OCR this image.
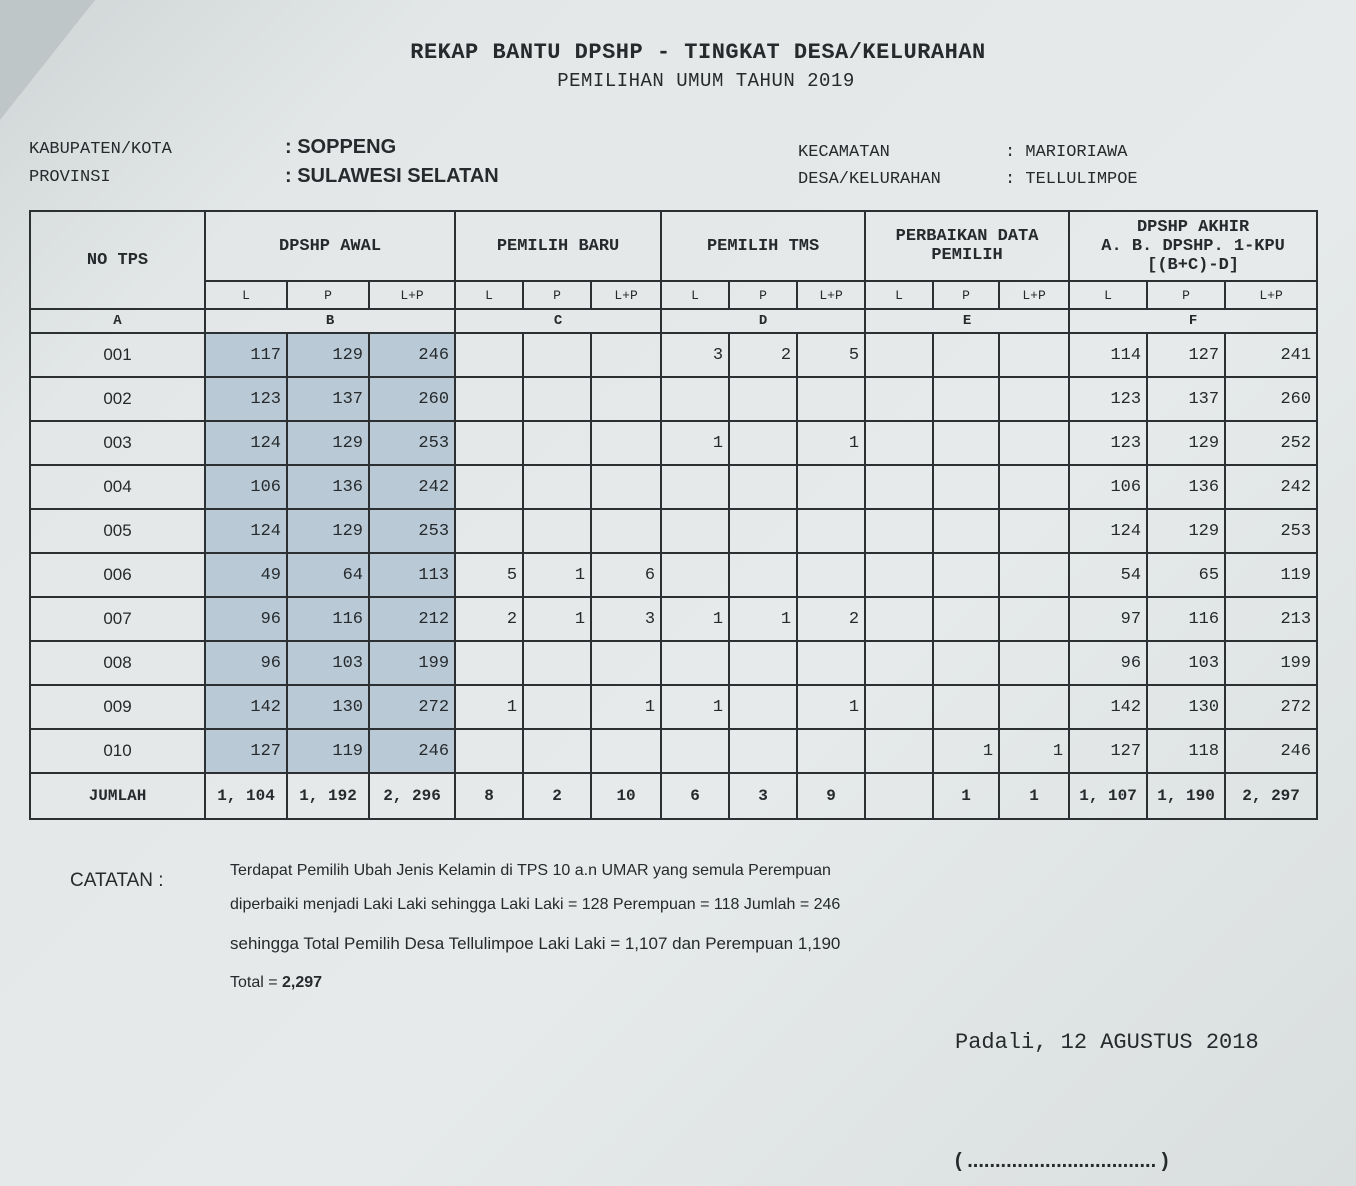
REKAP BANTU DPSHP - TINGKAT DESA/KELURAHAN
PEMILIHAN UMUM TAHUN 2019
KABUPATEN/KOTA	: SOPPENG
PROVINSI	: SULAWESI SELATAN
KECAMATAN	: MARIORIAWA
DESA/KELURAHAN	: TELLULIMPOE
NO TPS	DPSHP AWAL			PEMILIH BARU			PEMILIH TMS			PERBAIKAN DATA PEMILIH			DPSHP AKHIR
A. B. DPSHP. 1-KPU
[(B+C)-D]		

	L	P	L+P	L	P	L+P	L	P	L+P	L	P	L+P	L	P	L+P
A	B			C			D			E			F		
001	117	129	246				3	2	5				114	127	241
002	123	137	260										123	137	260
003	124	129	253				1		1				123	129	252
004	106	136	242										106	136	242
005	124	129	253										124	129	253
006	49	64	113	5	1	6							54	65	119
007	96	116	212	2	1	3	1	1	2				97	116	213
008	96	103	199										96	103	199
009	142	130	272	1		1	1		1				142	130	272
010	127	119	246								1	1	127	118	246
JUMLAH	1, 104	1, 192	2, 296	8	2	10	6	3	9		1	1	1, 107	1, 190	2, 297
CATATAN :	Terdapat Pemilih Ubah Jenis Kelamin di TPS 10 a.n UMAR yang semula Perempuan
diperbaiki menjadi Laki Laki sehingga Laki Laki = 128 Perempuan = 118 Jumlah = 246
sehingga Total Pemilih Desa Tellulimpoe Laki Laki = 1,107 dan Perempuan 1,190
Total = 2,297
Padali, 12 AGUSTUS 2018
( .................................. )
